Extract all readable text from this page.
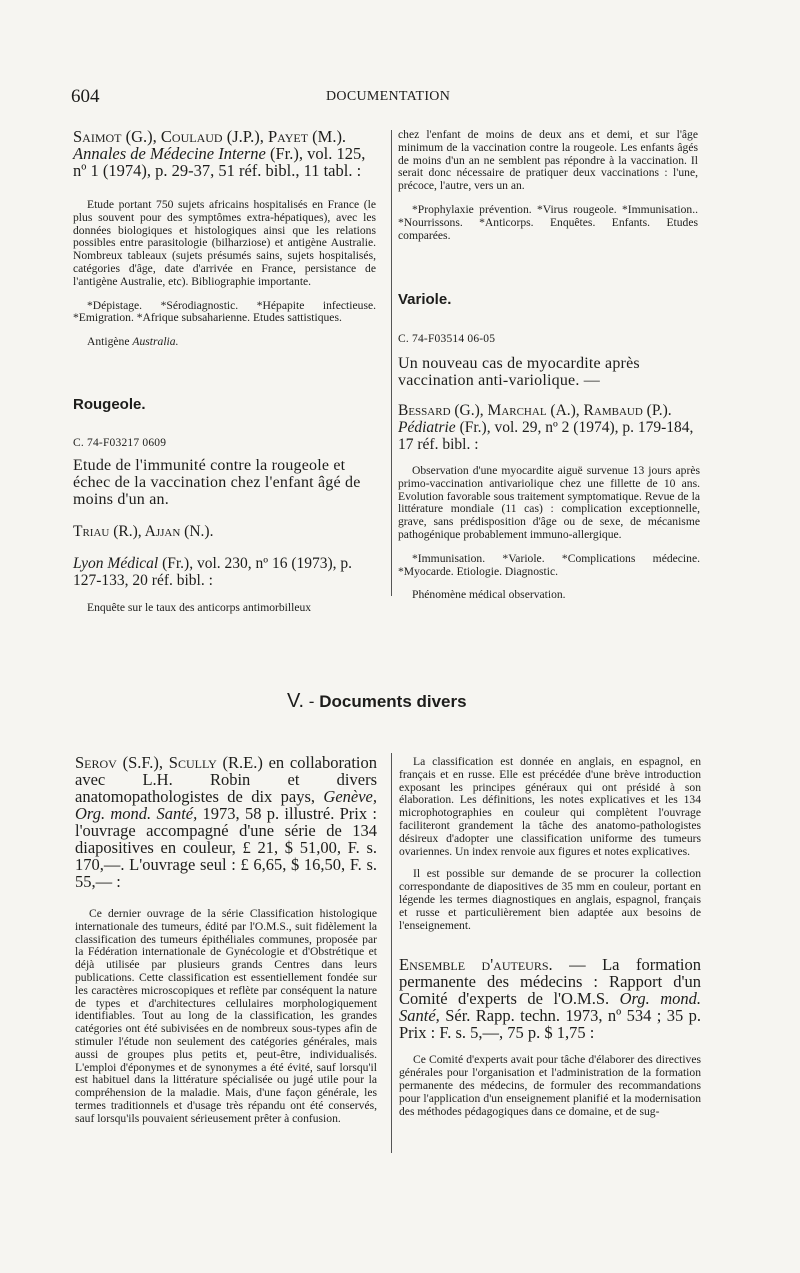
604	DOCUMENTATION

Saimot (G.), Coulaud (J.P.), Payet (M.). Annales de Médecine Interne (Fr.), vol. 125, nº 1 (1974), p. 29-37, 51 réf. bibl., 11 tabl. :

Etude portant 750 sujets africains hospitalisés en France (le plus souvent pour des symptômes extra-hépatiques), avec les données biologiques et histologiques ainsi que les relations possibles entre parasitologie (bilharziose) et antigène Australie. Nombreux tableaux (sujets présumés sains, sujets hospitalisés, catégories d'âge, date d'arrivée en France, persistance de l'antigène Australie, etc). Bibliographie importante.

*Dépistage. *Sérodiagnostic. *Hépapite infectieuse. *Emigration. *Afrique subsaharienne. Etudes sattistiques.

Antigène Australia.

Rougeole.
C. 74-F03217 0609

Etude de l'immunité contre la rougeole et échec de la vaccination chez l'enfant âgé de moins d'un an.

Triau (R.), Ajjan (N.).

Lyon Médical (Fr.), vol. 230, nº 16 (1973), p. 127-133, 20 réf. bibl. :

Enquête sur le taux des anticorps antimorbilleux

chez l'enfant de moins de deux ans et demi, et sur l'âge minimum de la vaccination contre la rougeole. Les enfants âgés de moins d'un an ne semblent pas répondre à la vaccination. Il serait donc nécessaire de pratiquer deux vaccinations : l'une, précoce, l'autre, vers un an.

*Prophylaxie prévention. *Virus rougeole. *Immunisation.. *Nourrissons. *Anticorps. Enquêtes. Enfants. Etudes comparées.

Variole.
C. 74-F03514 06-05

Un nouveau cas de myocardite après vaccination anti-variolique. —

Bessard (G.), Marchal (A.), Rambaud (P.). Pédiatrie (Fr.), vol. 29, nº 2 (1974), p. 179-184, 17 réf. bibl. :

Observation d'une myocardite aiguë survenue 13 jours après primo-vaccination antivariolique chez une fillette de 10 ans. Evolution favorable sous traitement symptomatique. Revue de la littérature mondiale (11 cas) : complication exceptionnelle, grave, sans prédisposition d'âge ou de sexe, de mécanisme pathogénique probablement immuno-allergique.

*Immunisation. *Variole. *Complications médecine. *Myocarde. Etiologie. Diagnostic.

Phénomène médical observation.

V. - Documents divers

Serov (S.F.), Scully (R.E.) en collaboration avec L.H. Robin et divers anatomopathologistes de dix pays, Genève, Org. mond. Santé, 1973, 58 p. illustré. Prix : l'ouvrage accompagné d'une série de 134 diapositives en couleur, £ 21, $ 51,00, F. s. 170,—. L'ouvrage seul : £ 6,65, $ 16,50, F. s. 55,— :

Ce dernier ouvrage de la série Classification histologique internationale des tumeurs, édité par l'O.M.S., suit fidèlement la classification des tumeurs épithéliales communes, proposée par la Fédération internationale de Gynécologie et d'Obstrétique et déjà utilisée par plusieurs grands Centres dans leurs publications. Cette classification est essentiellement fondée sur les caractères microscopiques et reflète par conséquent la nature de types et d'architectures cellulaires morphologiquement identifiables. Tout au long de la classification, les grandes catégories ont été subivisées en de nombreux sous-types afin de stimuler l'étude non seulement des catégories générales, mais aussi de groupes plus petits et, peut-être, individualisés. L'emploi d'éponymes et de synonymes a été évité, sauf lorsqu'il est habituel dans la littérature spécialisée ou jugé utile pour la compréhension de la maladie. Mais, d'une façon générale, les termes traditionnels et d'usage très répandu ont été conservés, sauf lorsqu'ils pouvaient sérieusement prêter à confusion.

La classification est donnée en anglais, en espagnol, en français et en russe. Elle est précédée d'une brève introduction exposant les principes généraux qui ont présidé à son élaboration. Les définitions, les notes explicatives et les 134 microphotographies en couleur qui complètent l'ouvrage faciliteront grandement la tâche des anatomo-pathologistes désireux d'adopter une classification uniforme des tumeurs ovariennes. Un index renvoie aux figures et notes explicatives.

Il est possible sur demande de se procurer la collection correspondante de diapositives de 35 mm en couleur, portant en légende les termes diagnostiques en anglais, espagnol, français et russe et particulièrement bien adaptée aux besoins de l'enseignement.

Ensemble d'auteurs. — La formation permanente des médecins : Rapport d'un Comité d'experts de l'O.M.S. Org. mond. Santé, Sér. Rapp. techn. 1973, nº 534 ; 35 p. Prix : F. s. 5,—, 75 p. $ 1,75 :

Ce Comité d'experts avait pour tâche d'élaborer des directives générales pour l'organisation et l'administration de la formation permanente des médecins, de formuler des recommandations pour l'application d'un enseignement planifié et la modernisation des méthodes pédagogiques dans ce domaine, et de sug-
